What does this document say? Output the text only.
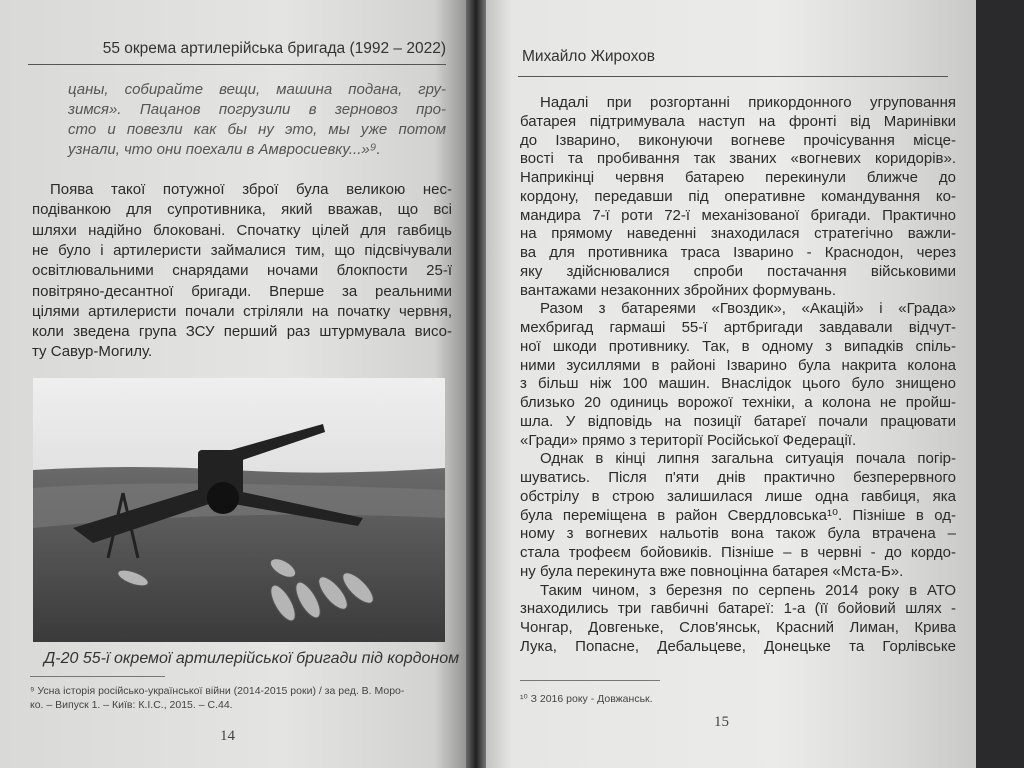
55 окрема артилерійська бригада (1992 – 2022)
цаны, собирайте вещи, машина подана, гру-
зимся». Пацанов погрузили в зерновоз про-
сто и повезли как бы ну это, мы уже потом
узнали, что они поехали в Амвросиевку...»⁹.
Поява такої потужної зброї була великою нес-
подіванкою для супротивника, який вважав, що всі
шляхи надійно блоковані. Спочатку цілей для гавбиць
не було і артилеристи займалися тим, що підсвічували
освітлювальними снарядами ночами блокпости 25-ї
повітряно-десантної бригади. Вперше за реальними
цілями артилеристи почали стріляли на початку червня,
коли зведена група ЗСУ перший раз штурмувала висо-
ту Савур-Могилу.
Д-20 55-ї окремої артилерійської бригади під кордоном
⁹ Усна історія російсько-української війни (2014-2015 роки) / за ред. В. Моро-
ко. – Випуск 1. – Київ: К.І.С., 2015. – С.44.
14
Михайло Жирохов
Надалі при розгортанні прикордонного угруповання
батарея підтримувала наступ на фронті від Маринівки
до Ізварино, виконуючи вогневе прочісування місце-
вості та пробивання так званих «вогневих коридорів».
Наприкінці червня батарею перекинули ближче до
кордону, передавши під оперативне командування ко-
мандира 7-ї роти 72-ї механізованої бригади. Практично
на прямому наведенні знаходилася стратегічно важли-
ва для противника траса Ізварино - Краснодон, через
яку здійснювалися спроби постачання військовими
вантажами незаконних збройних формувань.
Разом з батареями «Гвоздик», «Акацій» і «Града»
мехбригад гармаші 55-ї артбригади завдавали відчут-
ної шкоди противнику. Так, в одному з випадків спіль-
ними зусиллями в районі Ізварино була накрита колона
з більш ніж 100 машин. Внаслідок цього було знищено
близько 20 одиниць ворожої техніки, а колона не пройш-
шла. У відповідь на позиції батареї почали працювати
«Гради» прямо з території Російської Федерації.
Однак в кінці липня загальна ситуація почала погір-
шуватись. Після п'яти днів практично безперервного
обстрілу в строю залишилася лише одна гавбиця, яка
була переміщена в район Свердловська¹⁰. Пізніше в од-
ному з вогневих нальотів вона також була втрачена –
стала трофеєм бойовиків. Пізніше – в червні - до кордо-
ну була перекинута вже повноцінна батарея «Мста-Б».
Таким чином, з березня по серпень 2014 року в АТО
знаходились три гавбичні батареї: 1-а (її бойовий шлях -
Чонгар, Довгеньке, Слов'янськ, Красний Лиман, Крива
Лука, Попасне, Дебальцеве, Донецьке та Горлівське
¹⁰ З 2016 року - Довжанськ.
15
